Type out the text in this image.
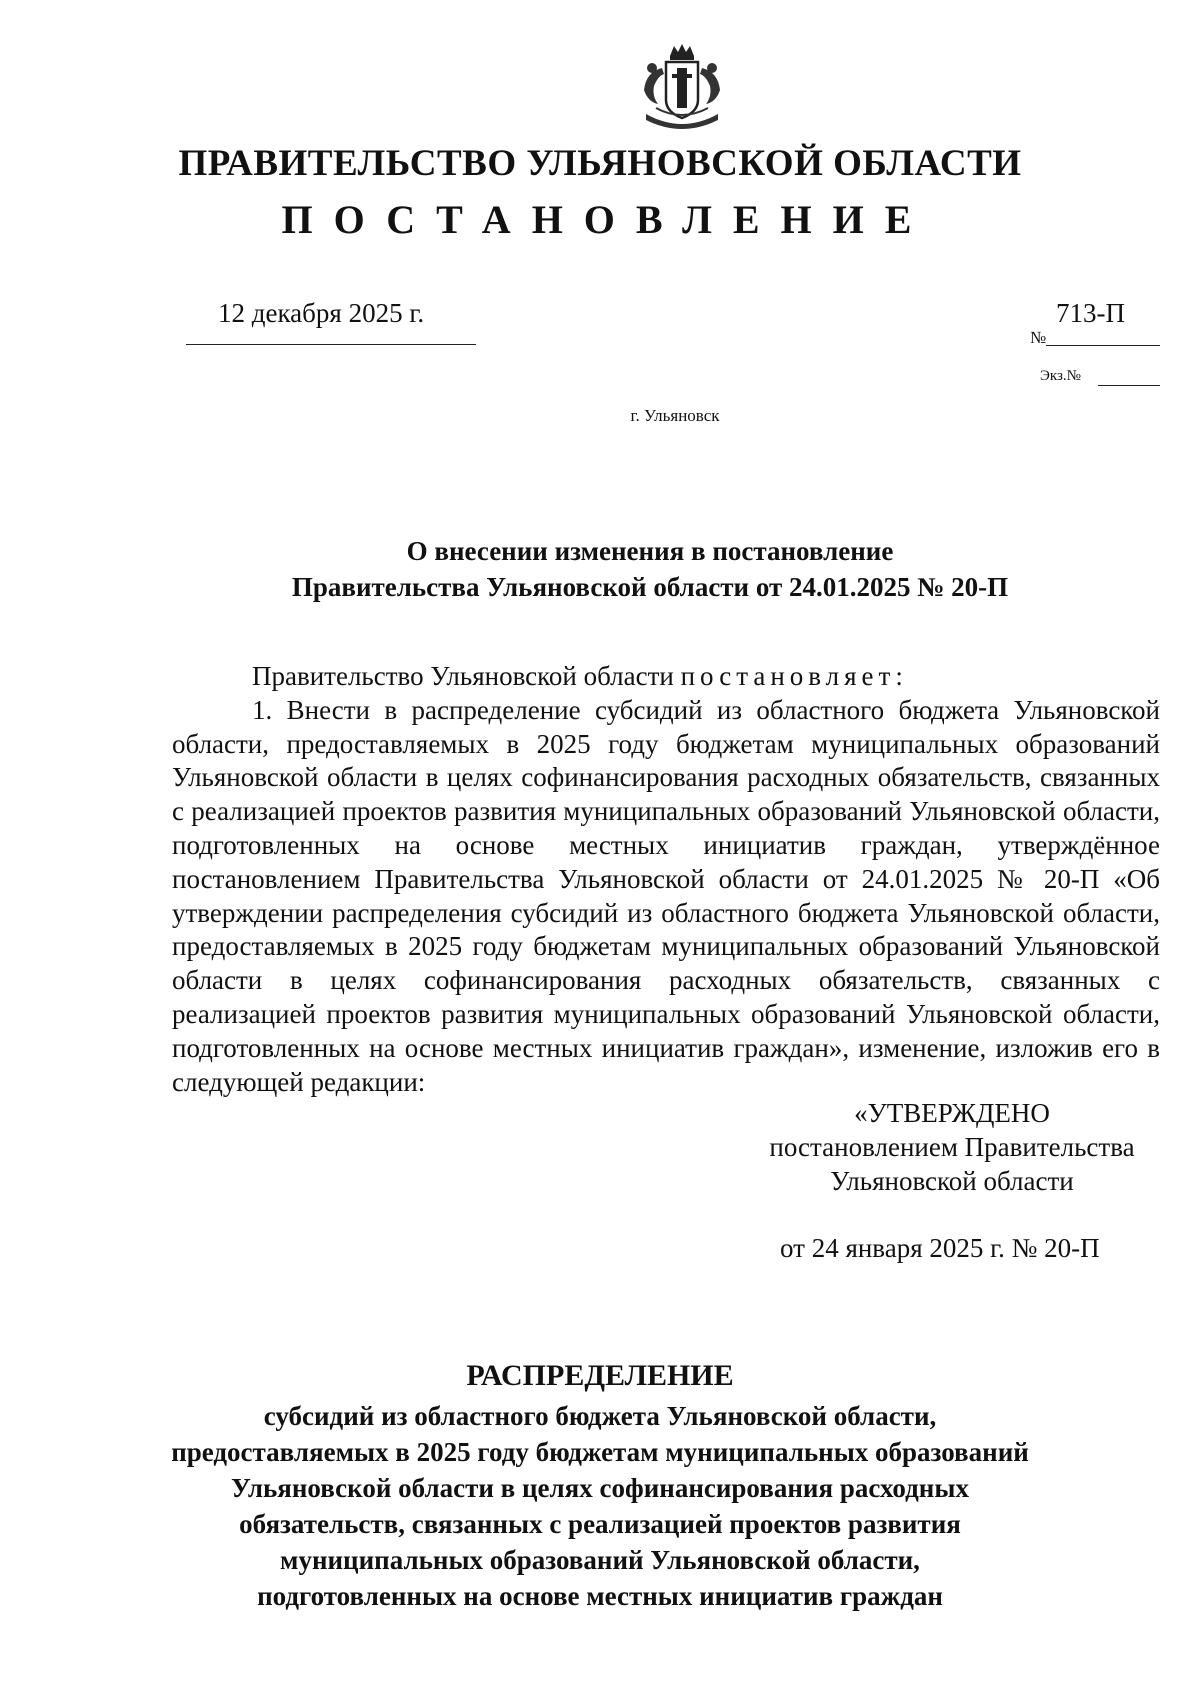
ПРАВИТЕЛЬСТВО УЛЬЯНОВСКОЙ ОБЛАСТИ
ПОСТАНОВЛЕНИЕ
12 декабря 2025 г.
№
713-П
Экз.№
г. Ульяновск
О внесении изменения в постановление
Правительства Ульяновской области от 24.01.2025 № 20-П

Правительство Ульяновской области постановляет:

1. Внести в распределение субсидий из областного бюджета Ульяновской области, предоставляемых в 2025 году бюджетам муниципальных образований Ульяновской области в целях софинансирования расходных обязательств, связанных с реализацией проектов развития муниципальных образований Ульяновской области, подготовленных на основе местных инициатив граждан, утверждённое постановлением Правительства Ульяновской области от 24.01.2025 № 20-П «Об утверждении распределения субсидий из областного бюджета Ульяновской области, предоставляемых в 2025 году бюджетам муниципальных образований Ульяновской области в целях софинансирования расходных обязательств, связанных с реализацией проектов развития муниципальных образований Ульяновской области, подготовленных на основе местных инициатив граждан», изменение, изложив его в следующей редакции:

«УТВЕРЖДЕНО
постановлением Правительства
Ульяновской области
от 24 января 2025 г. № 20-П
РАСПРЕДЕЛЕНИЕ
субсидий из областного бюджета Ульяновской области,
предоставляемых в 2025 году бюджетам муниципальных образований
Ульяновской области в целях софинансирования расходных
обязательств, связанных с реализацией проектов развития
муниципальных образований Ульяновской области,
подготовленных на основе местных инициатив граждан
